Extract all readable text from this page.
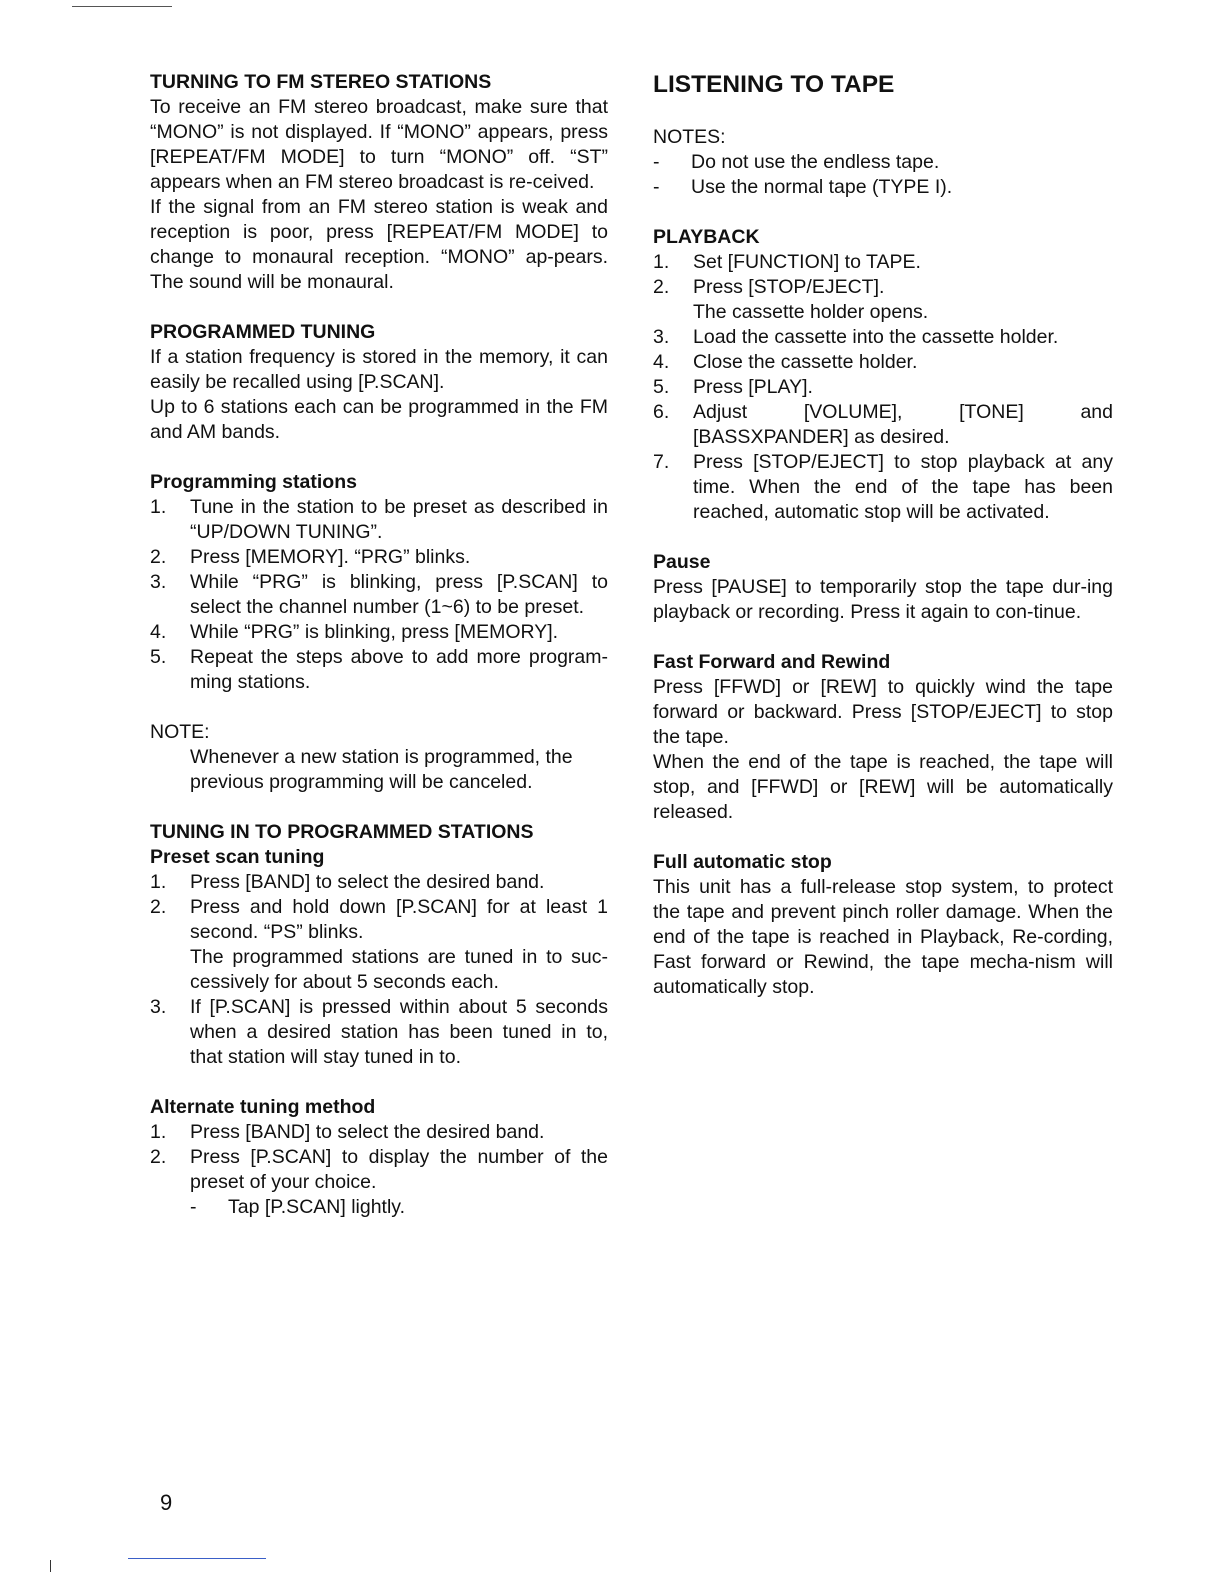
TURNING TO FM STEREO STATIONS

To receive an FM stereo broadcast, make sure that “MONO” is not displayed. If “MONO” appears, press [REPEAT/FM MODE] to turn “MONO” off. “ST” appears when an FM stereo broadcast is re-ceived.

If the signal from an FM stereo station is weak and reception is poor, press [REPEAT/FM MODE] to change to monaural reception. “MONO” ap-pears. The sound will be monaural.

PROGRAMMED TUNING

If a station frequency is stored in the memory, it can easily be recalled using [P.SCAN].

Up to 6 stations each can be programmed in the FM and AM bands.

Programming stations
1. Tune in the station to be preset as described in “UP/DOWN TUNING”.
2. Press [MEMORY]. “PRG” blinks.
3. While “PRG” is blinking, press [P.SCAN] to select the channel number (1~6) to be preset.
4. While “PRG” is blinking, press [MEMORY].
5. Repeat the steps above to add more program-ming stations.

NOTE:

Whenever a new station is programmed, the previous programming will be canceled.
TUNING IN TO PROGRAMMED STATIONS
Preset scan tuning
1. Press [BAND] to select the desired band.
2. Press and hold down [P.SCAN] for at least 1 second. “PS” blinks.
The programmed stations are tuned in to suc-cessively for about 5 seconds each.
3. If [P.SCAN] is pressed within about 5 seconds when a desired station has been tuned in to, that station will stay tuned in to.
Alternate tuning method
1. Press [BAND] to select the desired band.
2. Press [P.SCAN] to display the number of the preset of your choice.
- Tap [P.SCAN] lightly.
LISTENING TO TAPE

NOTES:

- Do not use the endless tape.
- Use the normal tape (TYPE I).
PLAYBACK
1. Set [FUNCTION] to TAPE.
2. Press [STOP/EJECT].
The cassette holder opens.
3. Load the cassette into the cassette holder.
4. Close the cassette holder.
5. Press [PLAY].
6. Adjust [VOLUME], [TONE] and [BASSXPANDER] as desired.
7. Press [STOP/EJECT] to stop playback at any time. When the end of the tape has been reached, automatic stop will be activated.
Pause

Press [PAUSE] to temporarily stop the tape dur-ing playback or recording. Press it again to con-tinue.

Fast Forward and Rewind

Press [FFWD] or [REW] to quickly wind the tape forward or backward. Press [STOP/EJECT] to stop the tape.

When the end of the tape is reached, the tape will stop, and [FFWD] or [REW] will be automatically released.

Full automatic stop

This unit has a full-release stop system, to protect the tape and prevent pinch roller damage. When the end of the tape is reached in Playback, Re-cording, Fast forward or Rewind, the tape mecha-nism will automatically stop.

9
